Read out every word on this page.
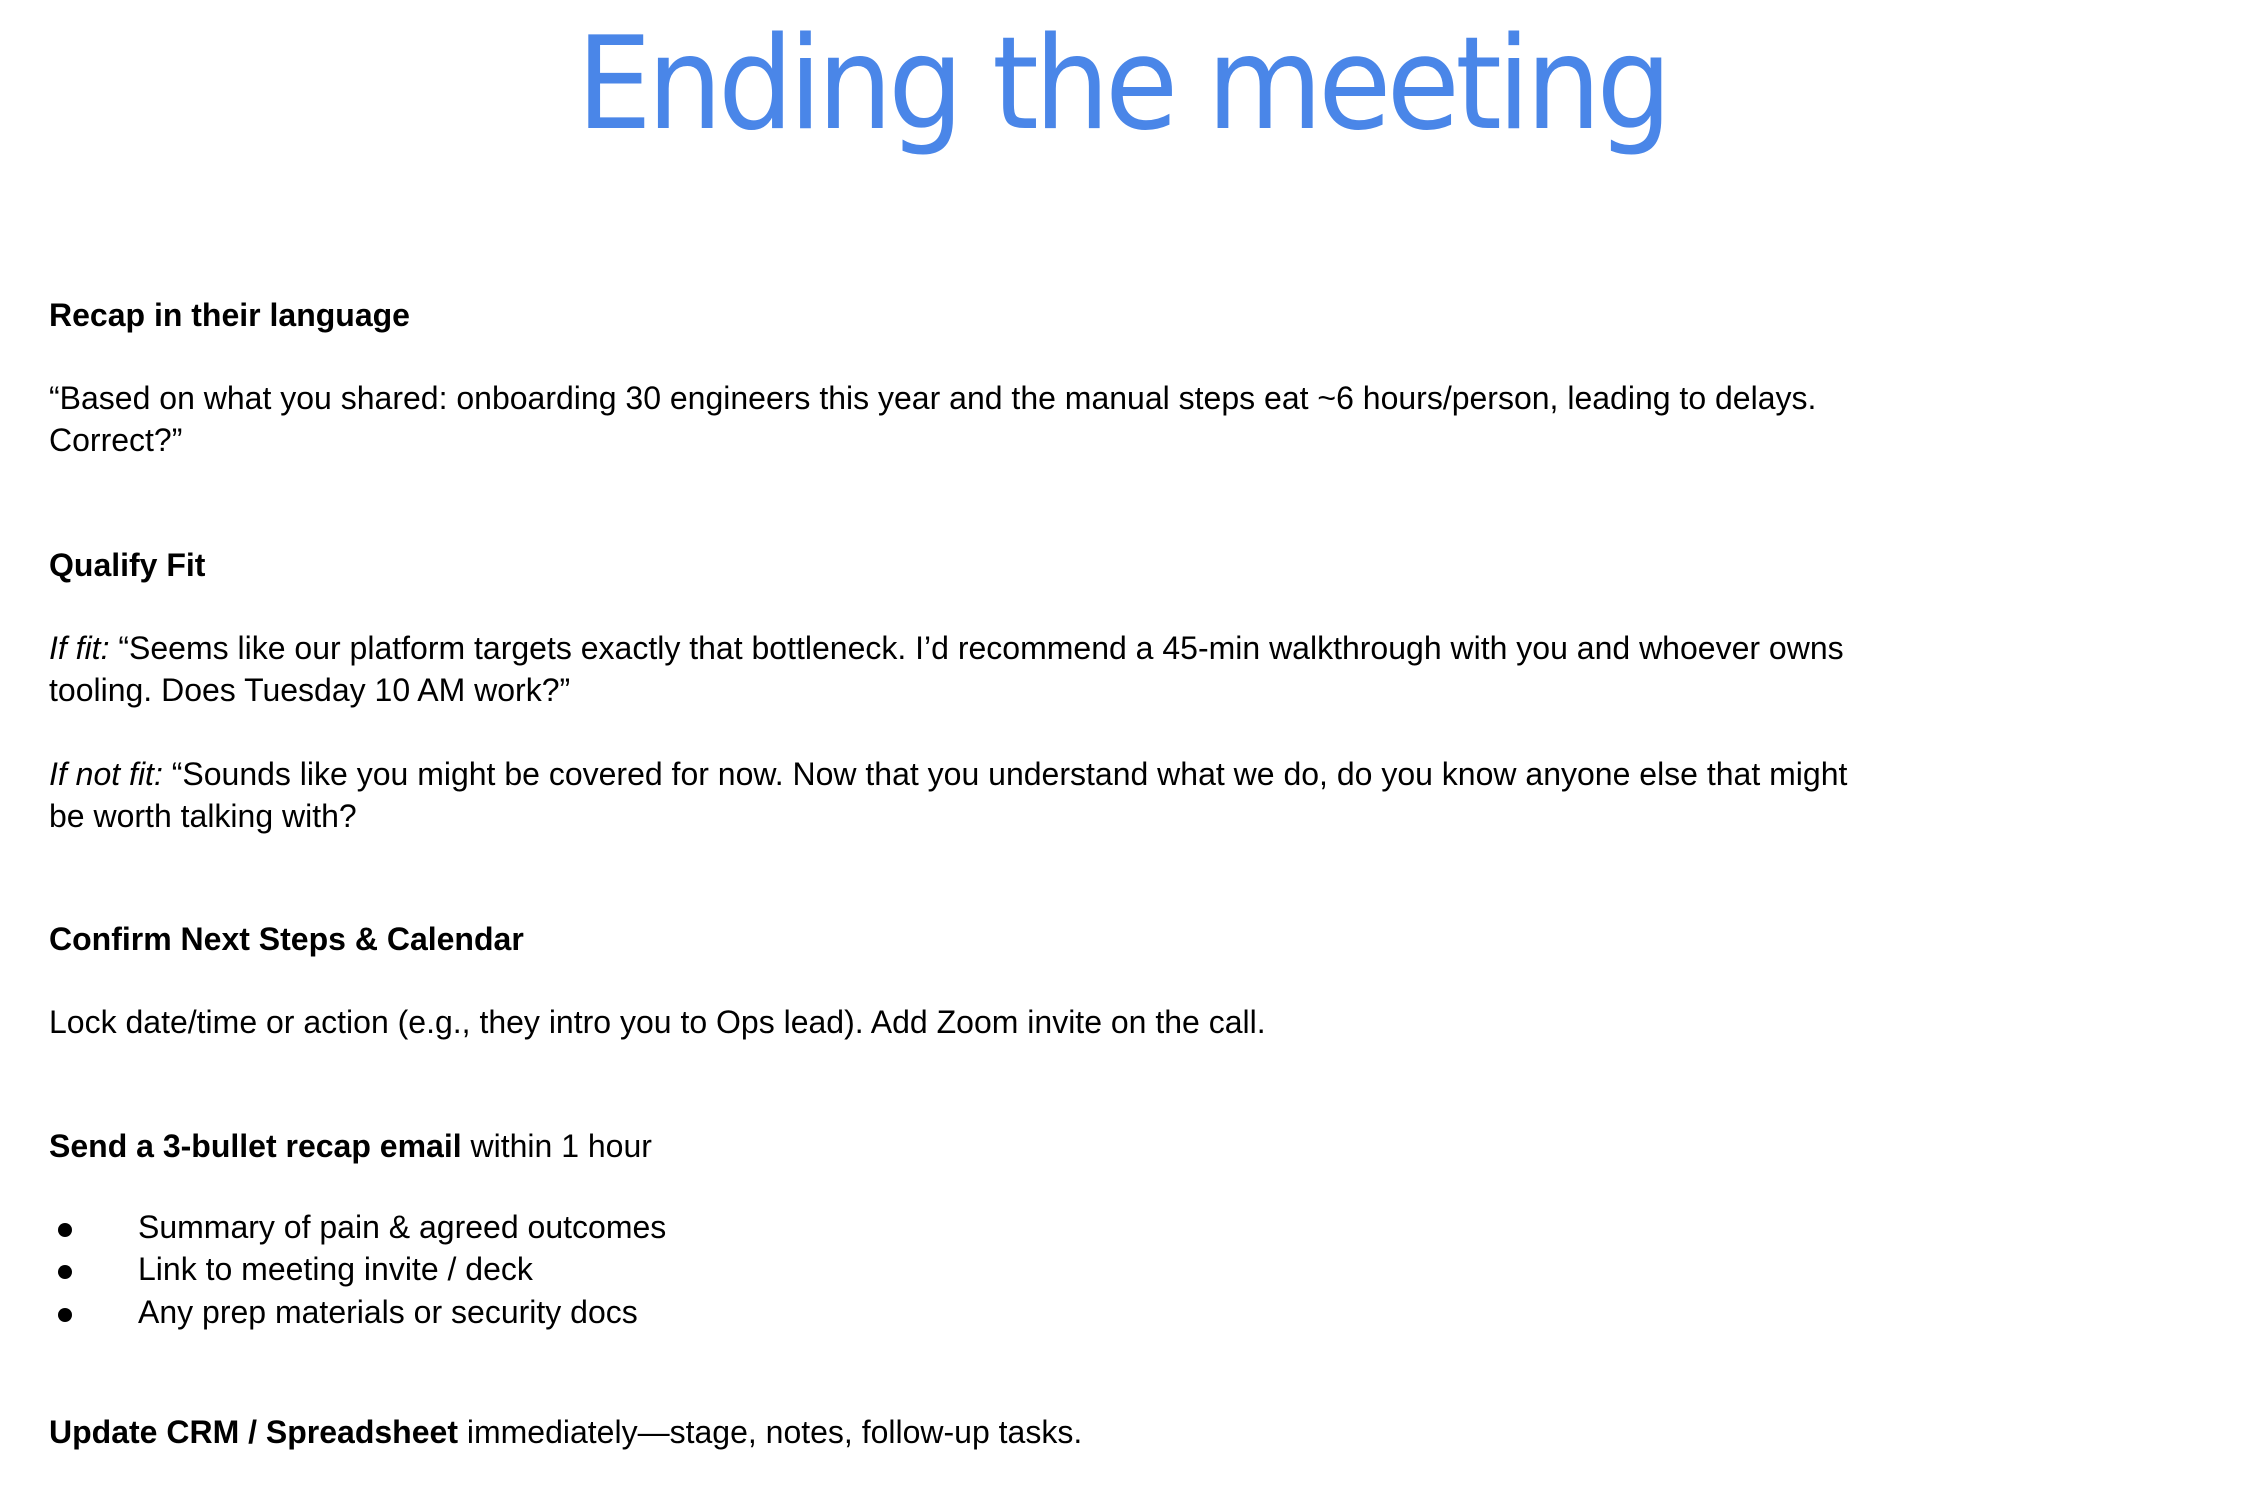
Ending the meeting
Recap in their language
“Based on what you shared: onboarding 30 engineers this year and the manual steps eat ~6 hours/person, leading to delays.
Correct?”
Qualify Fit
If fit: “Seems like our platform targets exactly that bottleneck. I’d recommend a 45-min walkthrough with you and whoever owns
tooling. Does Tuesday 10 AM work?”
If not fit: “Sounds like you might be covered for now. Now that you understand what we do, do you know anyone else that might
be worth talking with?
Confirm Next Steps & Calendar
Lock date/time or action (e.g., they intro you to Ops lead). Add Zoom invite on the call.
Send a 3-bullet recap email within 1 hour
Summary of pain & agreed outcomes
Link to meeting invite / deck
Any prep materials or security docs
Update CRM / Spreadsheet immediately—stage, notes, follow-up tasks.
